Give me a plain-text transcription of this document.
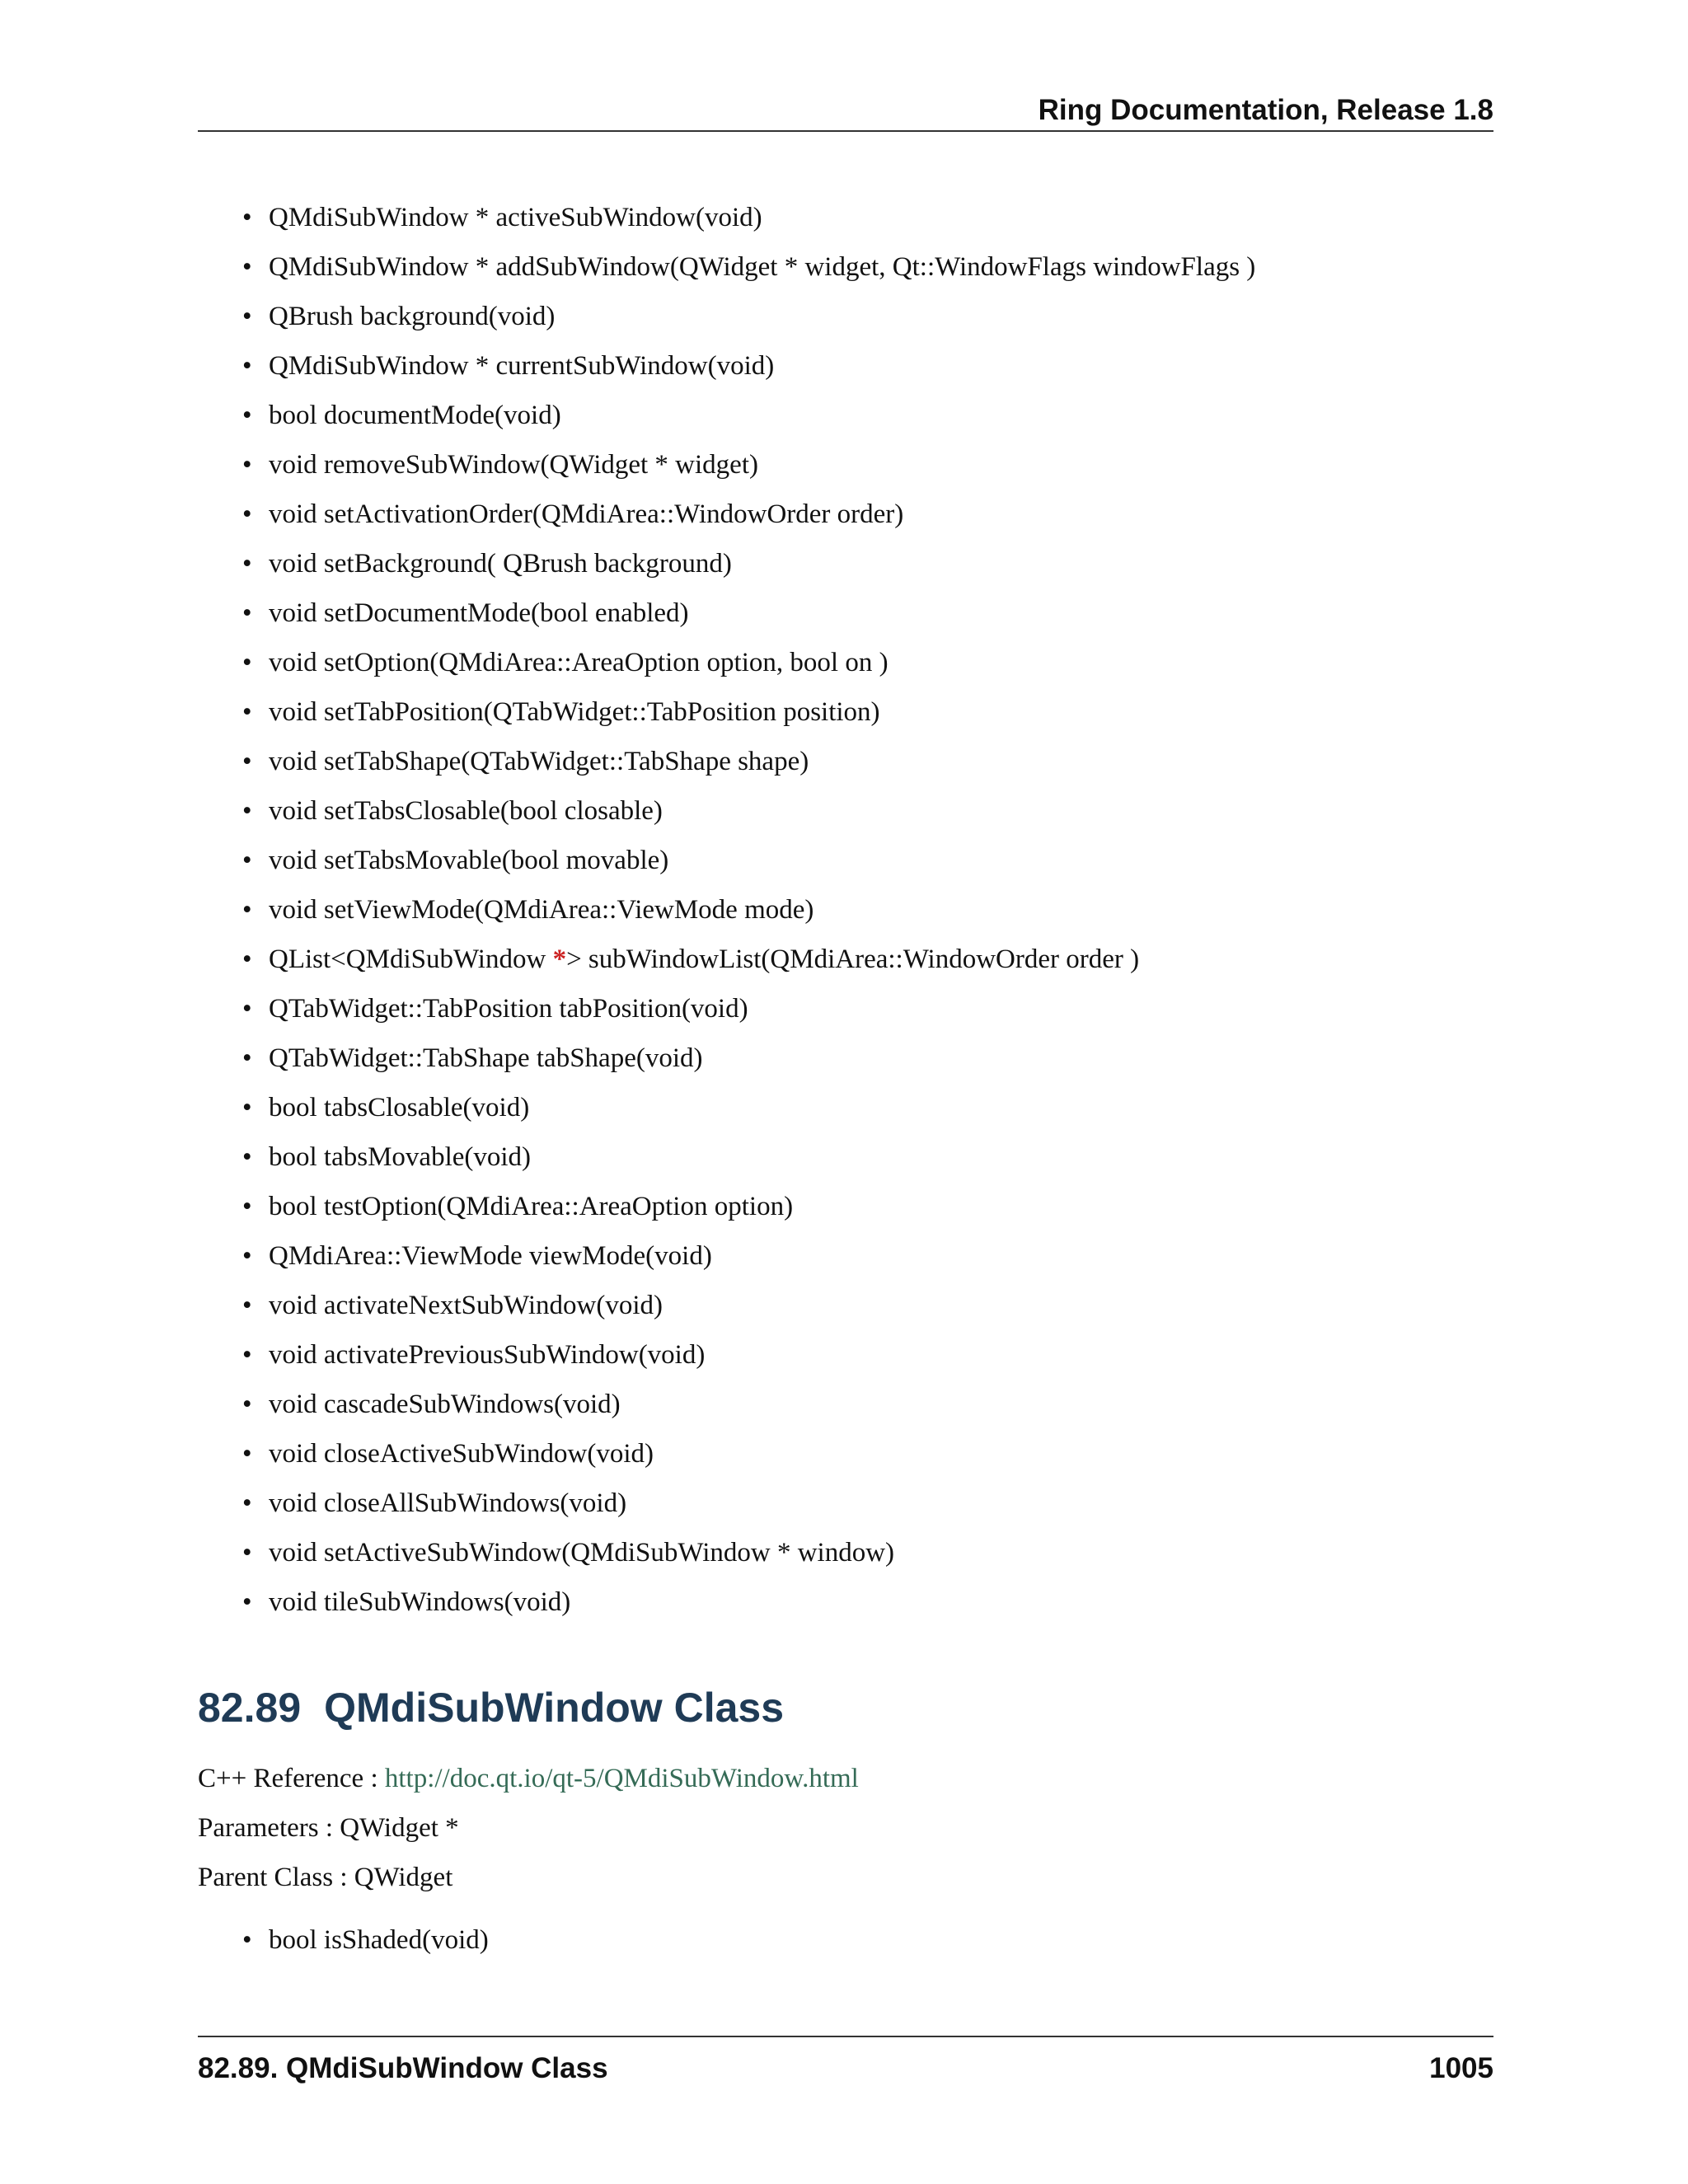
Ring Documentation, Release 1.8
• QMdiSubWindow * activeSubWindow(void)
• QMdiSubWindow * addSubWindow(QWidget * widget, Qt::WindowFlags windowFlags )
• QBrush background(void)
• QMdiSubWindow * currentSubWindow(void)
• bool documentMode(void)
• void removeSubWindow(QWidget * widget)
• void setActivationOrder(QMdiArea::WindowOrder order)
• void setBackground( QBrush background)
• void setDocumentMode(bool enabled)
• void setOption(QMdiArea::AreaOption option, bool on )
• void setTabPosition(QTabWidget::TabPosition position)
• void setTabShape(QTabWidget::TabShape shape)
• void setTabsClosable(bool closable)
• void setTabsMovable(bool movable)
• void setViewMode(QMdiArea::ViewMode mode)
• QList<QMdiSubWindow *> subWindowList(QMdiArea::WindowOrder order )
• QTabWidget::TabPosition tabPosition(void)
• QTabWidget::TabShape tabShape(void)
• bool tabsClosable(void)
• bool tabsMovable(void)
• bool testOption(QMdiArea::AreaOption option)
• QMdiArea::ViewMode viewMode(void)
• void activateNextSubWindow(void)
• void activatePreviousSubWindow(void)
• void cascadeSubWindows(void)
• void closeActiveSubWindow(void)
• void closeAllSubWindows(void)
• void setActiveSubWindow(QMdiSubWindow * window)
• void tileSubWindows(void)
82.89 QMdiSubWindow Class
C++ Reference : http://doc.qt.io/qt-5/QMdiSubWindow.html
Parameters : QWidget *
Parent Class : QWidget
• bool isShaded(void)
82.89. QMdiSubWindow Class	1005
